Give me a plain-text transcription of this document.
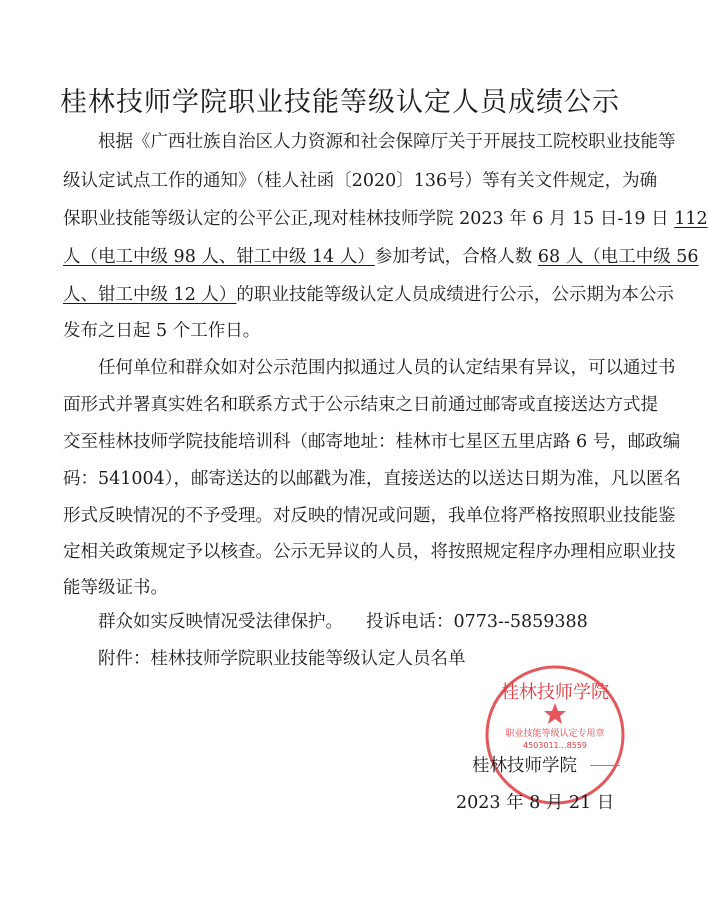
桂林技师学院职业技能等级认定人员成绩公示
根据《广西壮族自治区人力资源和社会保障厅关于开展技工院校职业技能等
级认定试点工作的通知》（桂人社函〔2020〕136号）等有关文件规定，为确
保职业技能等级认定的公平公正,现对桂林技师学院 2023 年 6 月 15 日-19 日 112
人（电工中级 98 人、钳工中级 14 人）参加考试，合格人数 68 人（电工中级 56
人、钳工中级 12 人）的职业技能等级认定人员成绩进行公示，公示期为本公示
发布之日起 5 个工作日。
任何单位和群众如对公示范围内拟通过人员的认定结果有异议，可以通过书
面形式并署真实姓名和联系方式于公示结束之日前通过邮寄或直接送达方式提
交至桂林技师学院技能培训科（邮寄地址：桂林市七星区五里店路 6 号，邮政编
码：541004），邮寄送达的以邮戳为准，直接送达的以送达日期为准，凡以匿名
形式反映情况的不予受理。对反映的情况或问题，我单位将严格按照职业技能鉴
定相关政策规定予以核查。公示无异议的人员，将按照规定程序办理相应职业技
能等级证书。
群众如实反映情况受法律保护。 投诉电话：0773--5859388
附件：桂林技师学院职业技能等级认定人员名单
桂林技师学院
职业技能等级认定专用章
4503011…8559
桂林技师学院
2023 年 8 月 21 日
